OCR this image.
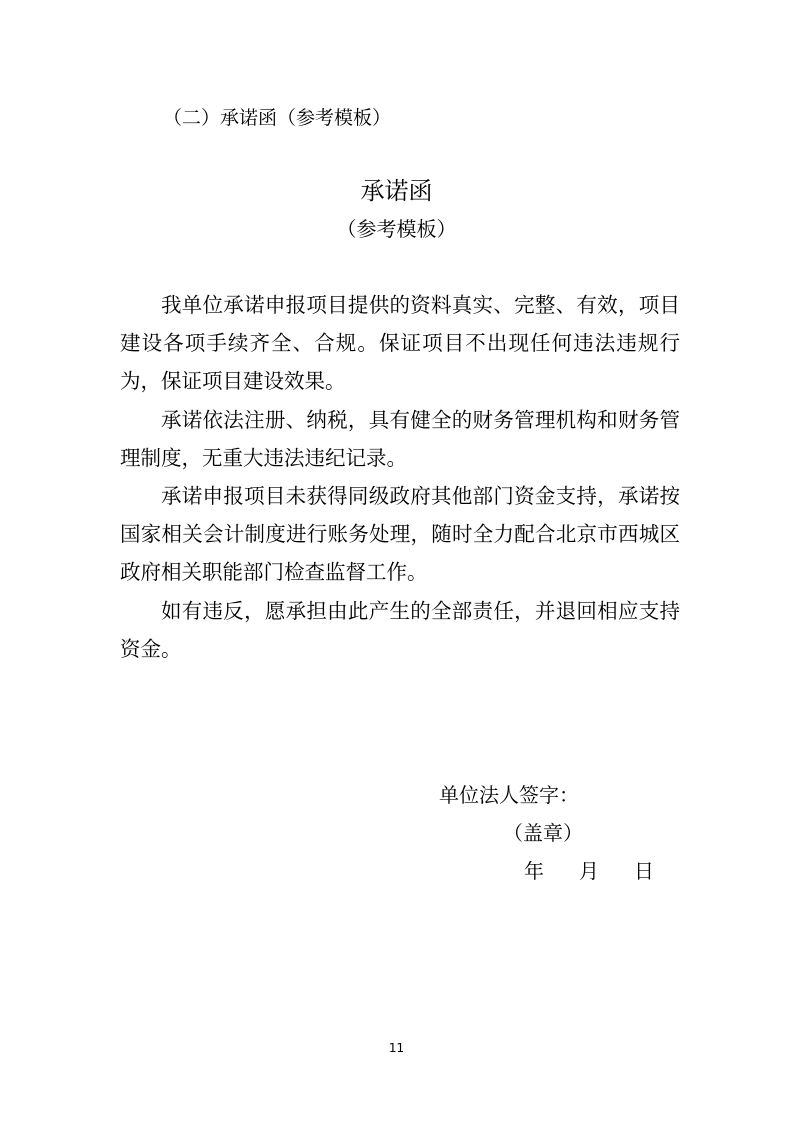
（二）承诺函（参考模板）
承诺函
（参考模板）

我单位承诺申报项目提供的资料真实、完整、有效，项目建设各项手续齐全、合规。保证项目不出现任何违法违规行为，保证项目建设效果。

承诺依法注册、纳税，具有健全的财务管理机构和财务管理制度，无重大违法违纪记录。

承诺申报项目未获得同级政府其他部门资金支持，承诺按国家相关会计制度进行账务处理，随时全力配合北京市西城区政府相关职能部门检查监督工作。

如有违反，愿承担由此产生的全部责任，并退回相应支持资金。

单位法人签字：
（盖章）
年 月 日
11
